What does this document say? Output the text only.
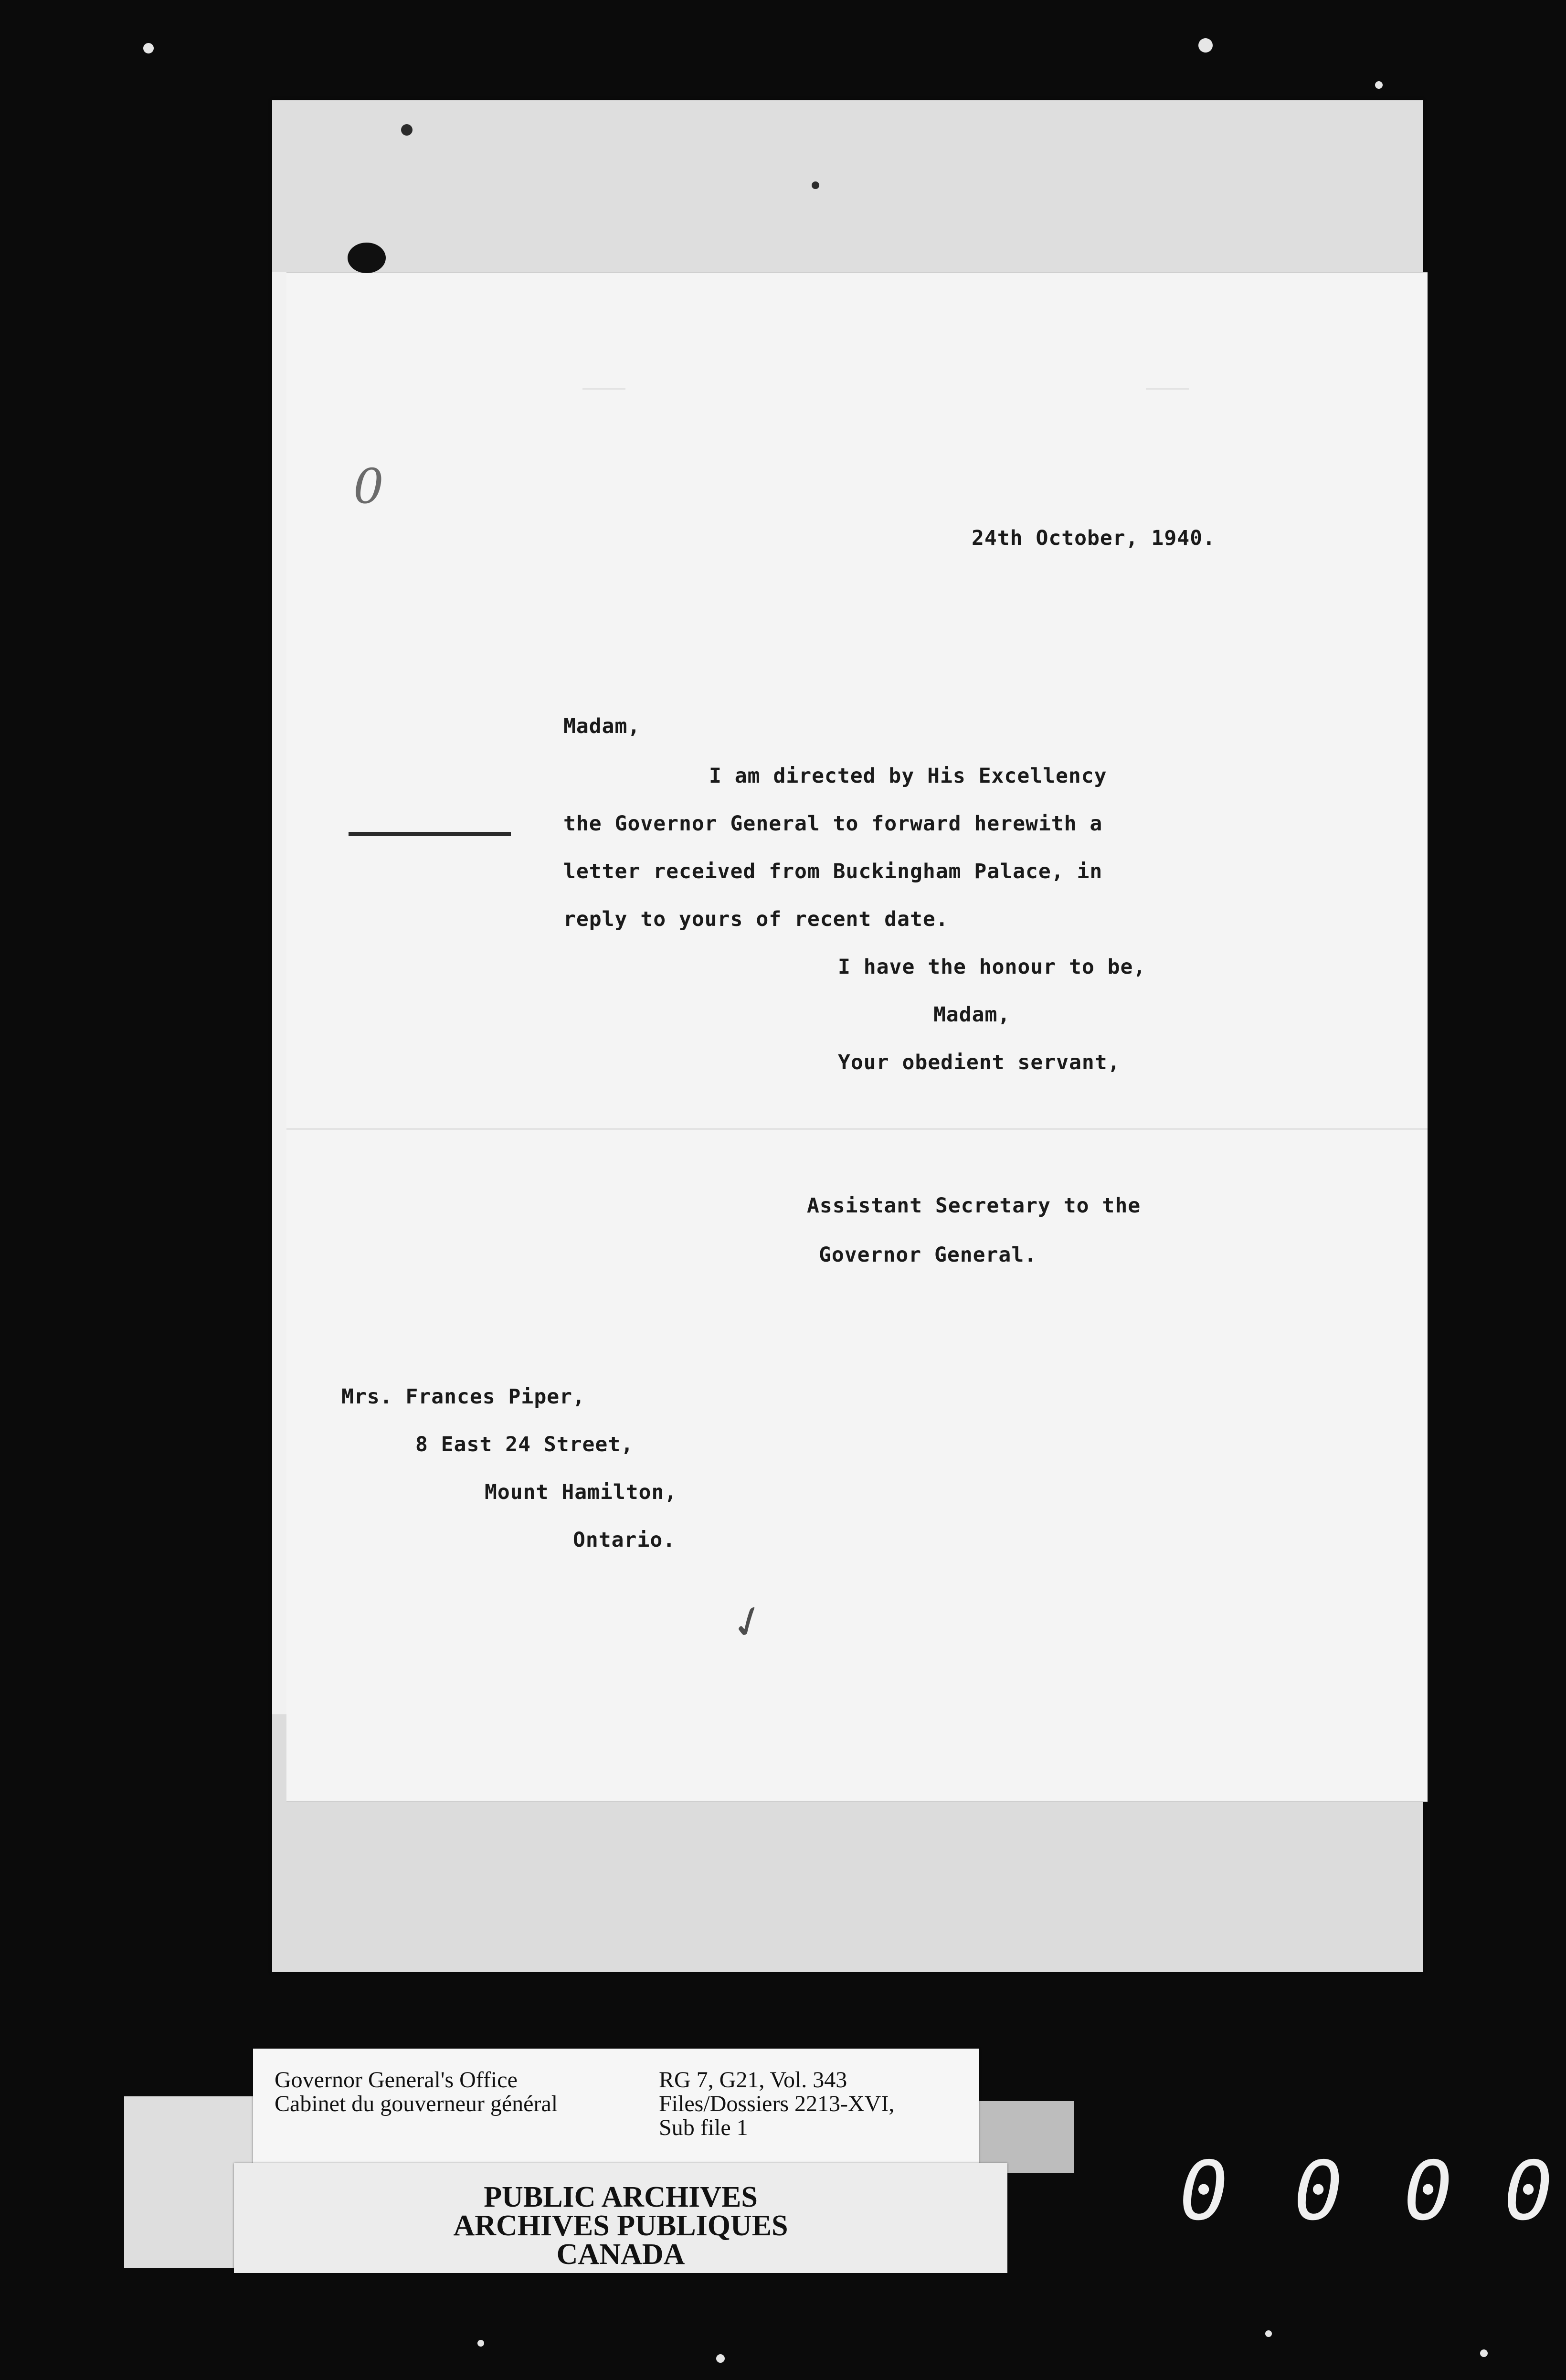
0
24th October, 1940.
Madam,
I am directed by His Excellency
the Governor General to forward herewith a
letter received from Buckingham Palace, in
reply to yours of recent date.
I have the honour to be,
Madam,
Your obedient servant,
Assistant Secretary to the
Governor General.
Mrs. Frances Piper,
8 East 24 Street,
Mount Hamilton,
Ontario.
✓
Governor General's Office
Cabinet du gouverneur général
RG 7, G21, Vol. 343
Files/Dossiers 2213-XVI,
Sub file 1
PUBLIC ARCHIVES
ARCHIVES PUBLIQUES
CANADA
0 0 0 0
